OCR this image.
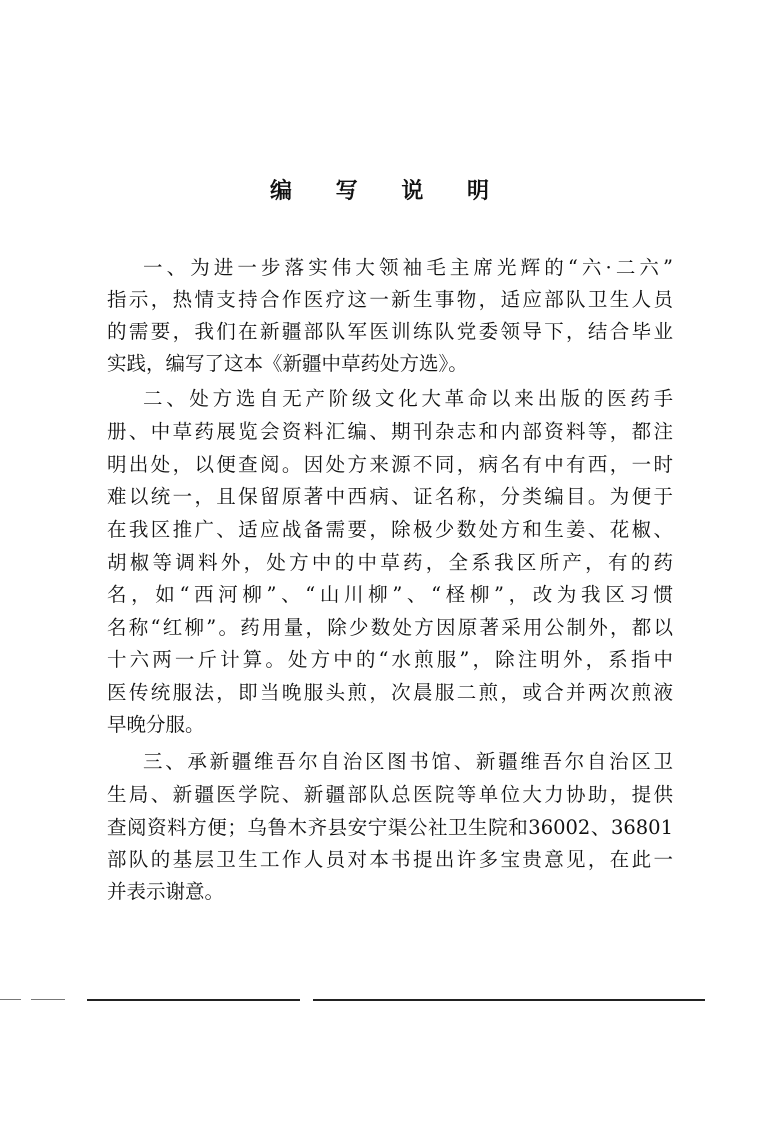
编 写 说 明
一、为进一步落实伟大领袖毛主席光辉的“六·二六”
指示，热情支持合作医疗这一新生事物，适应部队卫生人员
的需要，我们在新疆部队军医训练队党委领导下，结合毕业
实践，编写了这本《新疆中草药处方选》。
二、处方选自无产阶级文化大革命以来出版的医药手
册、中草药展览会资料汇编、期刊杂志和内部资料等，都注
明出处，以便查阅。因处方来源不同，病名有中有西，一时
难以统一，且保留原著中西病、证名称，分类编目。为便于
在我区推广、适应战备需要，除极少数处方和生姜、花椒、
胡椒等调料外，处方中的中草药，全系我区所产，有的药
名，如“西河柳”、“山川柳”、“柽柳”，改为我区习惯
名称“红柳”。药用量，除少数处方因原著采用公制外，都以
十六两一斤计算。处方中的“水煎服”，除注明外，系指中
医传统服法，即当晚服头煎，次晨服二煎，或合并两次煎液
早晚分服。
三、承新疆维吾尔自治区图书馆、新疆维吾尔自治区卫
生局、新疆医学院、新疆部队总医院等单位大力协助，提供
查阅资料方便；乌鲁木齐县安宁渠公社卫生院和36002、36801
部队的基层卫生工作人员对本书提出许多宝贵意见，在此一
并表示谢意。
